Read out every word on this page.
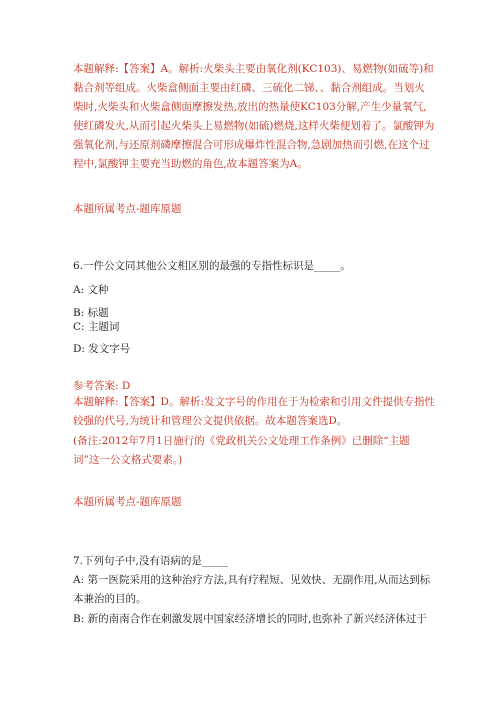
本题解释:【答案】A。解析:火柴头主要由氧化剂(KC103)、易燃物(如硫等)和黏合剂等组成。火柴盒侧面主要由红磷、三硫化二锑、、黏合剂组成。当划火柴时,火柴头和火柴盒侧面摩擦发热,放出的热量使KC103分解,产生少量氧气,使红磷发火,从而引起火柴头上易燃物(如硫)燃烧,这样火柴便划着了。氯酸钾为强氧化剂,与还原剂磷摩擦混合可形成爆炸性混合物,急剧加热而引燃,在这个过程中,氯酸钾主要充当助燃的角色,故本题答案为A。

本题所属考点-题库原题
6.一件公文同其他公文相区别的最强的专指性标识是_____。
A: 文种
B: 标题
C: 主题词
D: 发文字号
参考答案: D

本题解释:【答案】D。解析:发文字号的作用在于为检索和引用文件提供专指性较强的代号,为统计和管理公文提供依据。故本题答案选D。

(备注:2012年7月1日施行的《党政机关公文处理工作条例》已删除“主题词”这一公文格式要素。)

本题所属考点-题库原题
7.下列句子中,没有语病的是_____

A: 第一医院采用的这种治疗方法,具有疗程短、见效快、无副作用,从而达到标本兼治的目的。

B: 新的南南合作在刺激发展中国家经济增长的同时,也弥补了新兴经济体过于
